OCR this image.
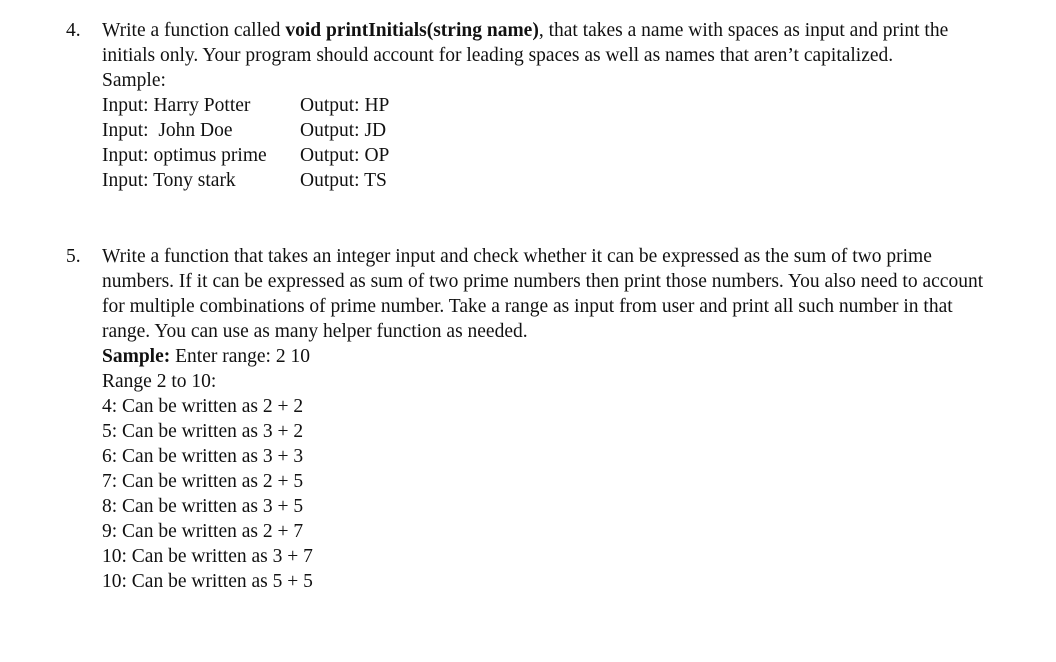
4. Write a function called void printInitials(string name), that takes a name with spaces as input and print the
initials only. Your program should account for leading spaces as well as names that aren’t capitalized.
Sample:

Input: Harry Potter

	Output: HP

Input:  John Doe

	Output: JD

Input: optimus prime

Output: OP

Input: Tony stark

	Output: TS

5. Write a function that takes an integer input and check whether it can be expressed as the sum of two prime
numbers. If it can be expressed as sum of two prime numbers then print those numbers. You also need to account
for multiple combinations of prime number. Take a range as input from user and print all such number in that
range. You can use as many helper function as needed.
Sample: Enter range: 2 10
Range 2 to 10:
4: Can be written as 2 + 2
5: Can be written as 3 + 2
6: Can be written as 3 + 3
7: Can be written as 2 + 5
8: Can be written as 3 + 5
9: Can be written as 2 + 7
10: Can be written as 3 + 7
10: Can be written as 5 + 5
